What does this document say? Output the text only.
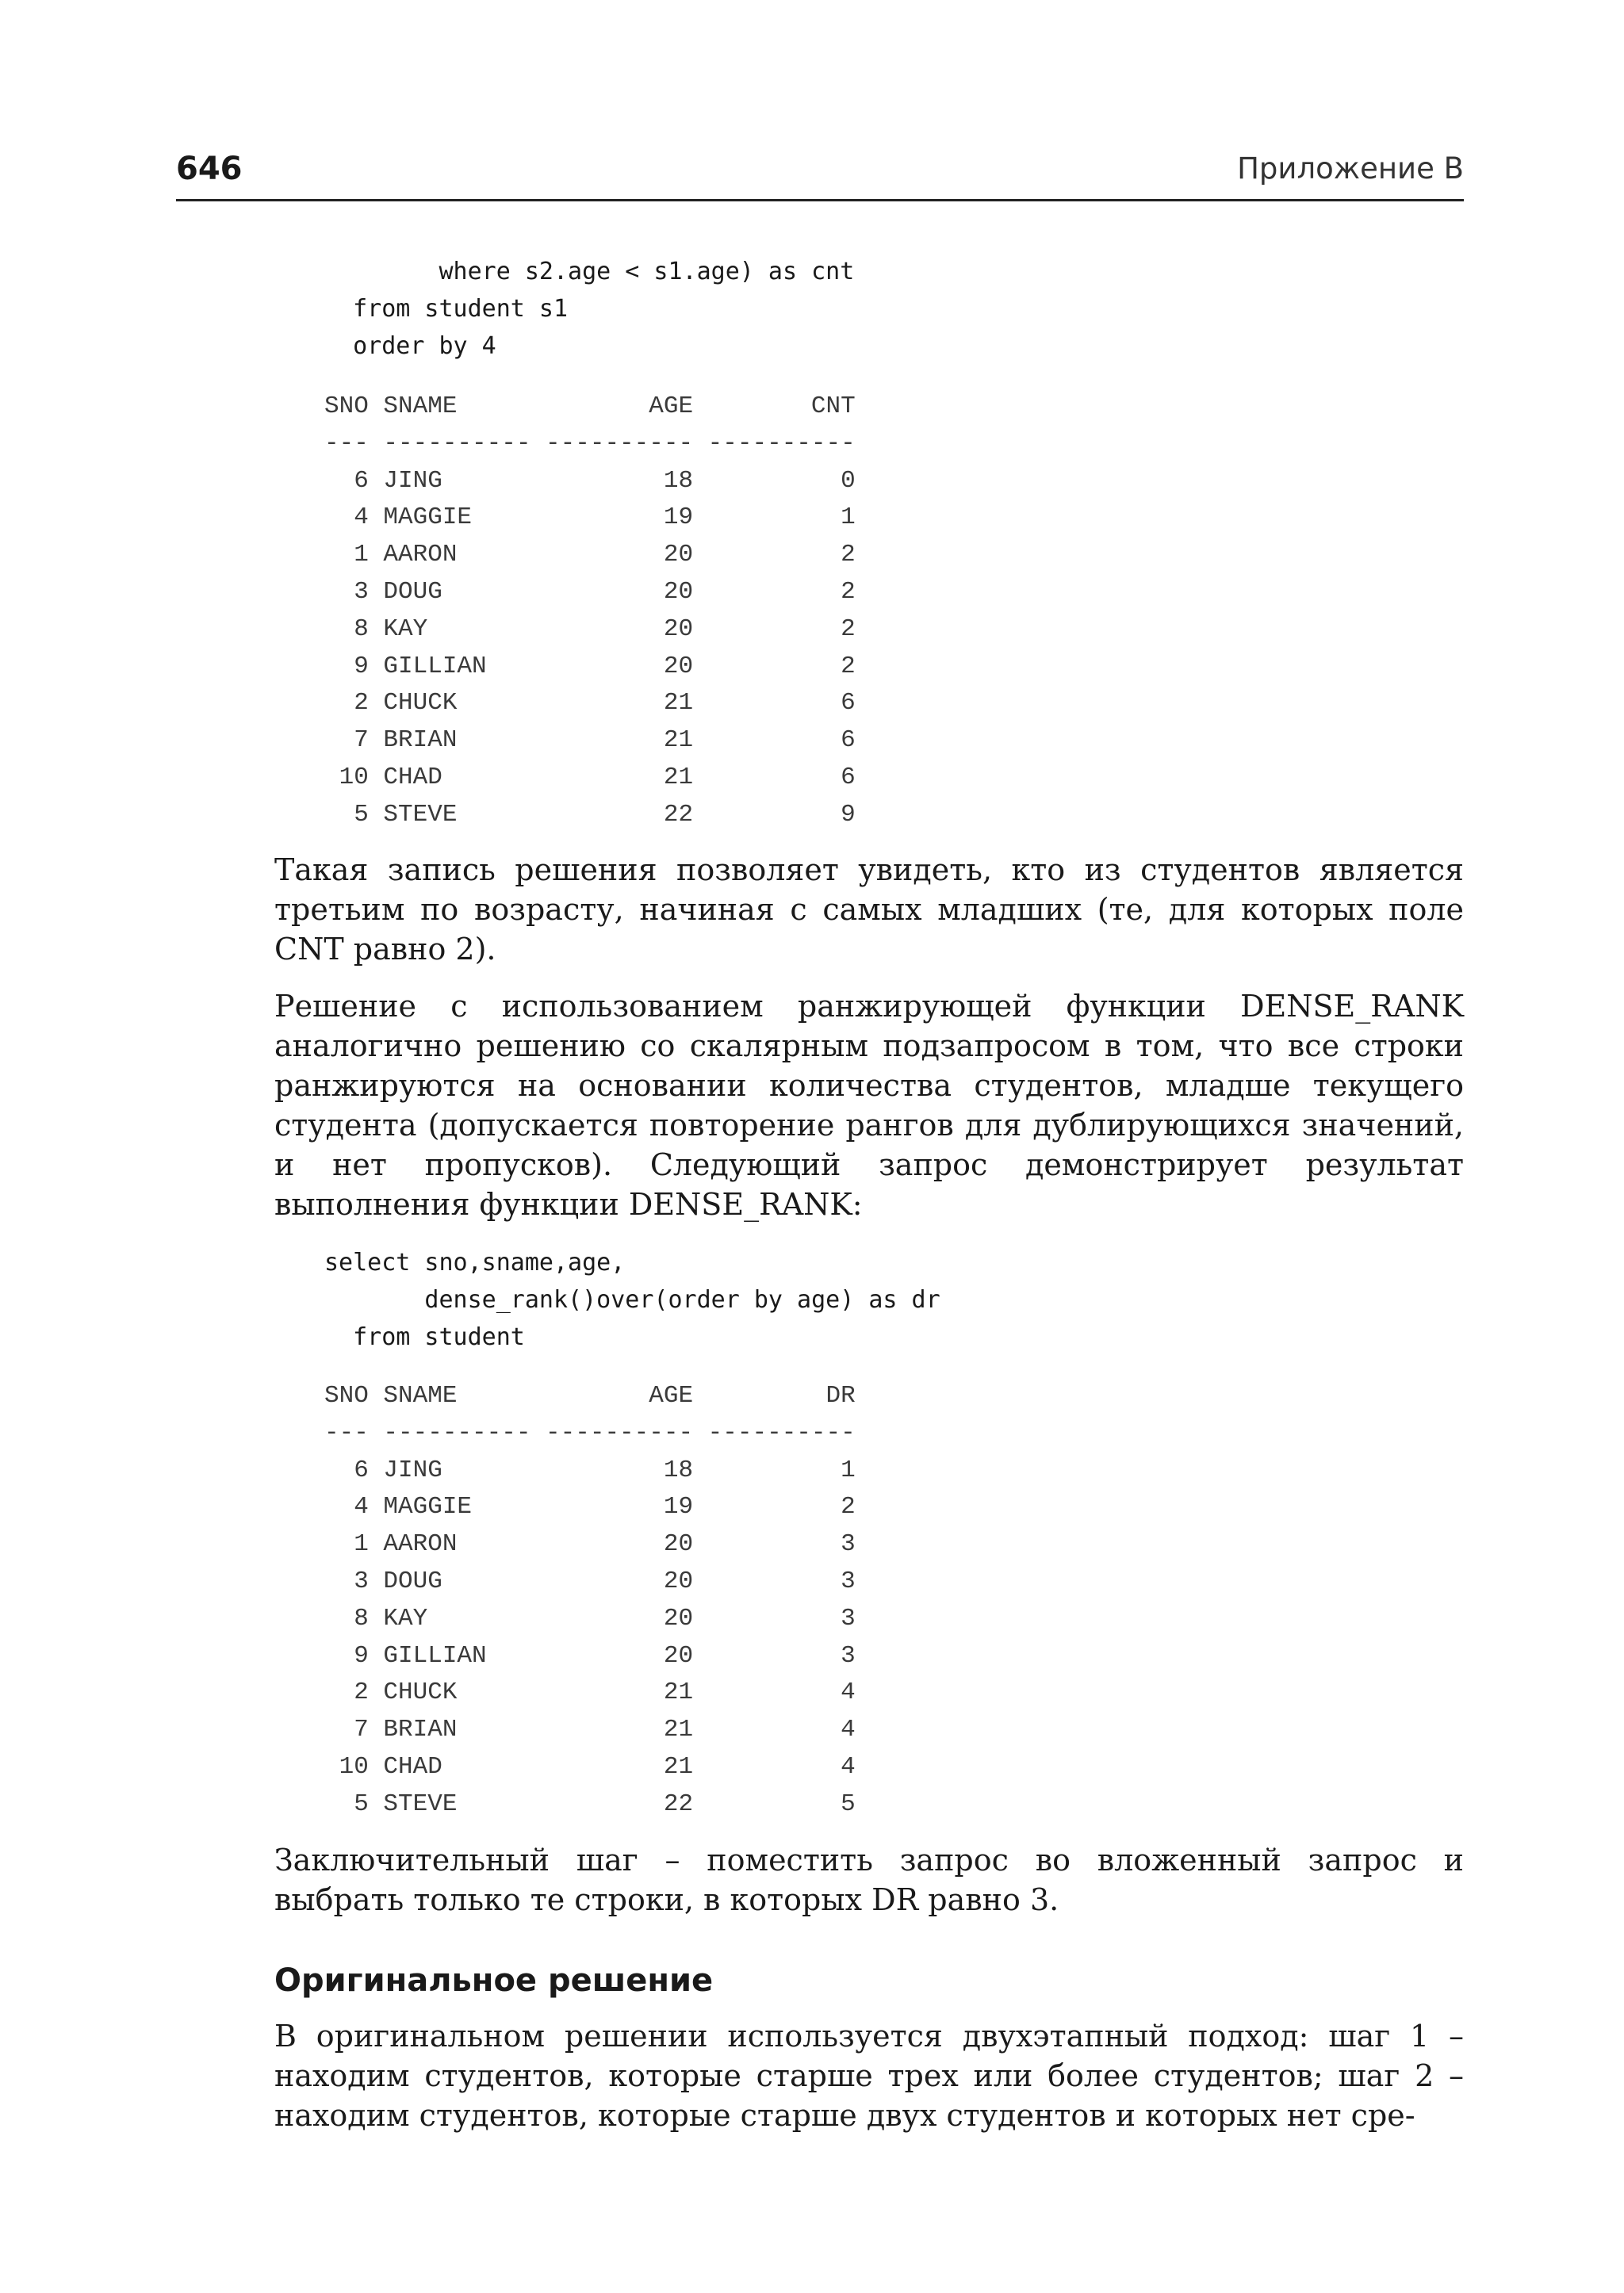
646	Приложение В
where s2.age < s1.age) as cnt
from student s1
order by 4
SNO SNAME             AGE        CNT
--- ---------- ---------- ----------
6 JING               18          0
4 MAGGIE             19          1
1 AARON              20          2
3 DOUG               20          2
8 KAY                20          2
9 GILLIAN            20          2
2 CHUCK              21          6
7 BRIAN              21          6
10 CHAD               21          6
5 STEVE              22          9

Такая запись решения позволяет увидеть, кто из студентов является третьим по возрасту, начиная с самых младших (те, для которых поле CNT равно 2).

Решение с использованием ранжирующей функции DENSE_RANK аналогично решению со скалярным подзапросом в том, что все строки ранжируются на основании количества студентов, младше текущего студента (допускается повторение рангов для дублирующихся значений, и нет пропусков). Следующий запрос демонстрирует результат выполнения функции DENSE_RANK:

select sno,sname,age,
dense_rank()over(order by age) as dr
from student
SNO SNAME             AGE         DR
--- ---------- ---------- ----------
6 JING               18          1
4 MAGGIE             19          2
1 AARON              20          3
3 DOUG               20          3
8 KAY                20          3
9 GILLIAN            20          3
2 CHUCK              21          4
7 BRIAN              21          4
10 CHAD               21          4
5 STEVE              22          5

Заключительный шаг – поместить запрос во вложенный запрос и выбрать только те строки, в которых DR равно 3.

Оригинальное решение

В оригинальном решении используется двухэтапный подход: шаг 1 – находим студентов, которые старше трех или более студентов; шаг 2 – находим студентов, которые старше двух студентов и которых нет сре-
